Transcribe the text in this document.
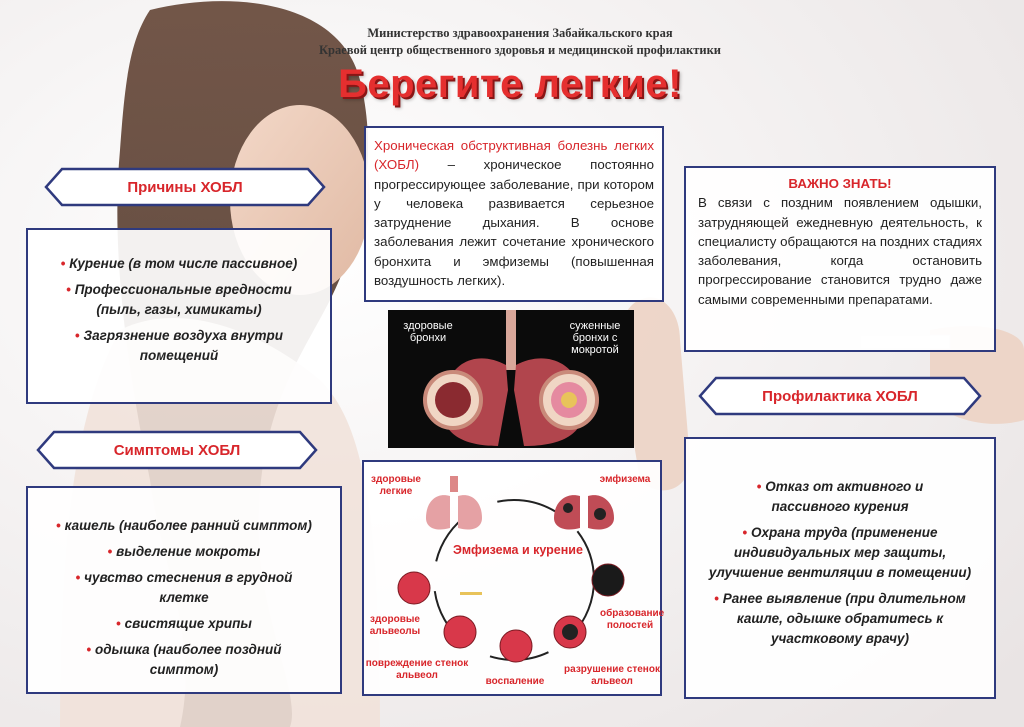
Министерство здравоохранения Забайкальского края
Краевой центр общественного здоровья и медицинской профилактики
Берегите легкие!
Причины ХОБЛ
• Курение (в том числе пассивное)
• Профессиональные вредности (пыль, газы, химикаты)
• Загрязнение воздуха внутри помещений
Симптомы ХОБЛ
• кашель (наиболее ранний симптом)
• выделение мокроты
• чувство стеснения в грудной клетке
• свистящие хрипы
• одышка (наиболее поздний симптом)
Хроническая обструктивная болезнь легких (ХОБЛ) – хроническое постоянно прогрессирующее заболевание, при котором у человека развивается серьезное затруднение дыхания. В основе заболевания лежит сочетание хронического бронхита и эмфиземы (повышенная воздушность легких).
ВАЖНО ЗНАТЬ!
В связи с поздним появлением одышки, затрудняющей ежедневную деятельность, к специалисту обращаются на поздних стадиях заболевания, когда остановить прогрессирование становится трудно даже самыми современными препаратами.
Профилактика ХОБЛ
• Отказ от активного и пассивного курения
• Охрана труда (применение индивидуальных мер защиты, улучшение вентиляции в помещении)
• Ранее выявление (при длительном кашле, одышке обратитесь к участковому врачу)
здоровые бронхи
суженные бронхи с мокротой
Эмфизема и курение
здоровые легкие
эмфизема
здоровые альвеолы
образование полостей
повреждение стенок альвеол
воспаление
разрушение стенок альвеол
